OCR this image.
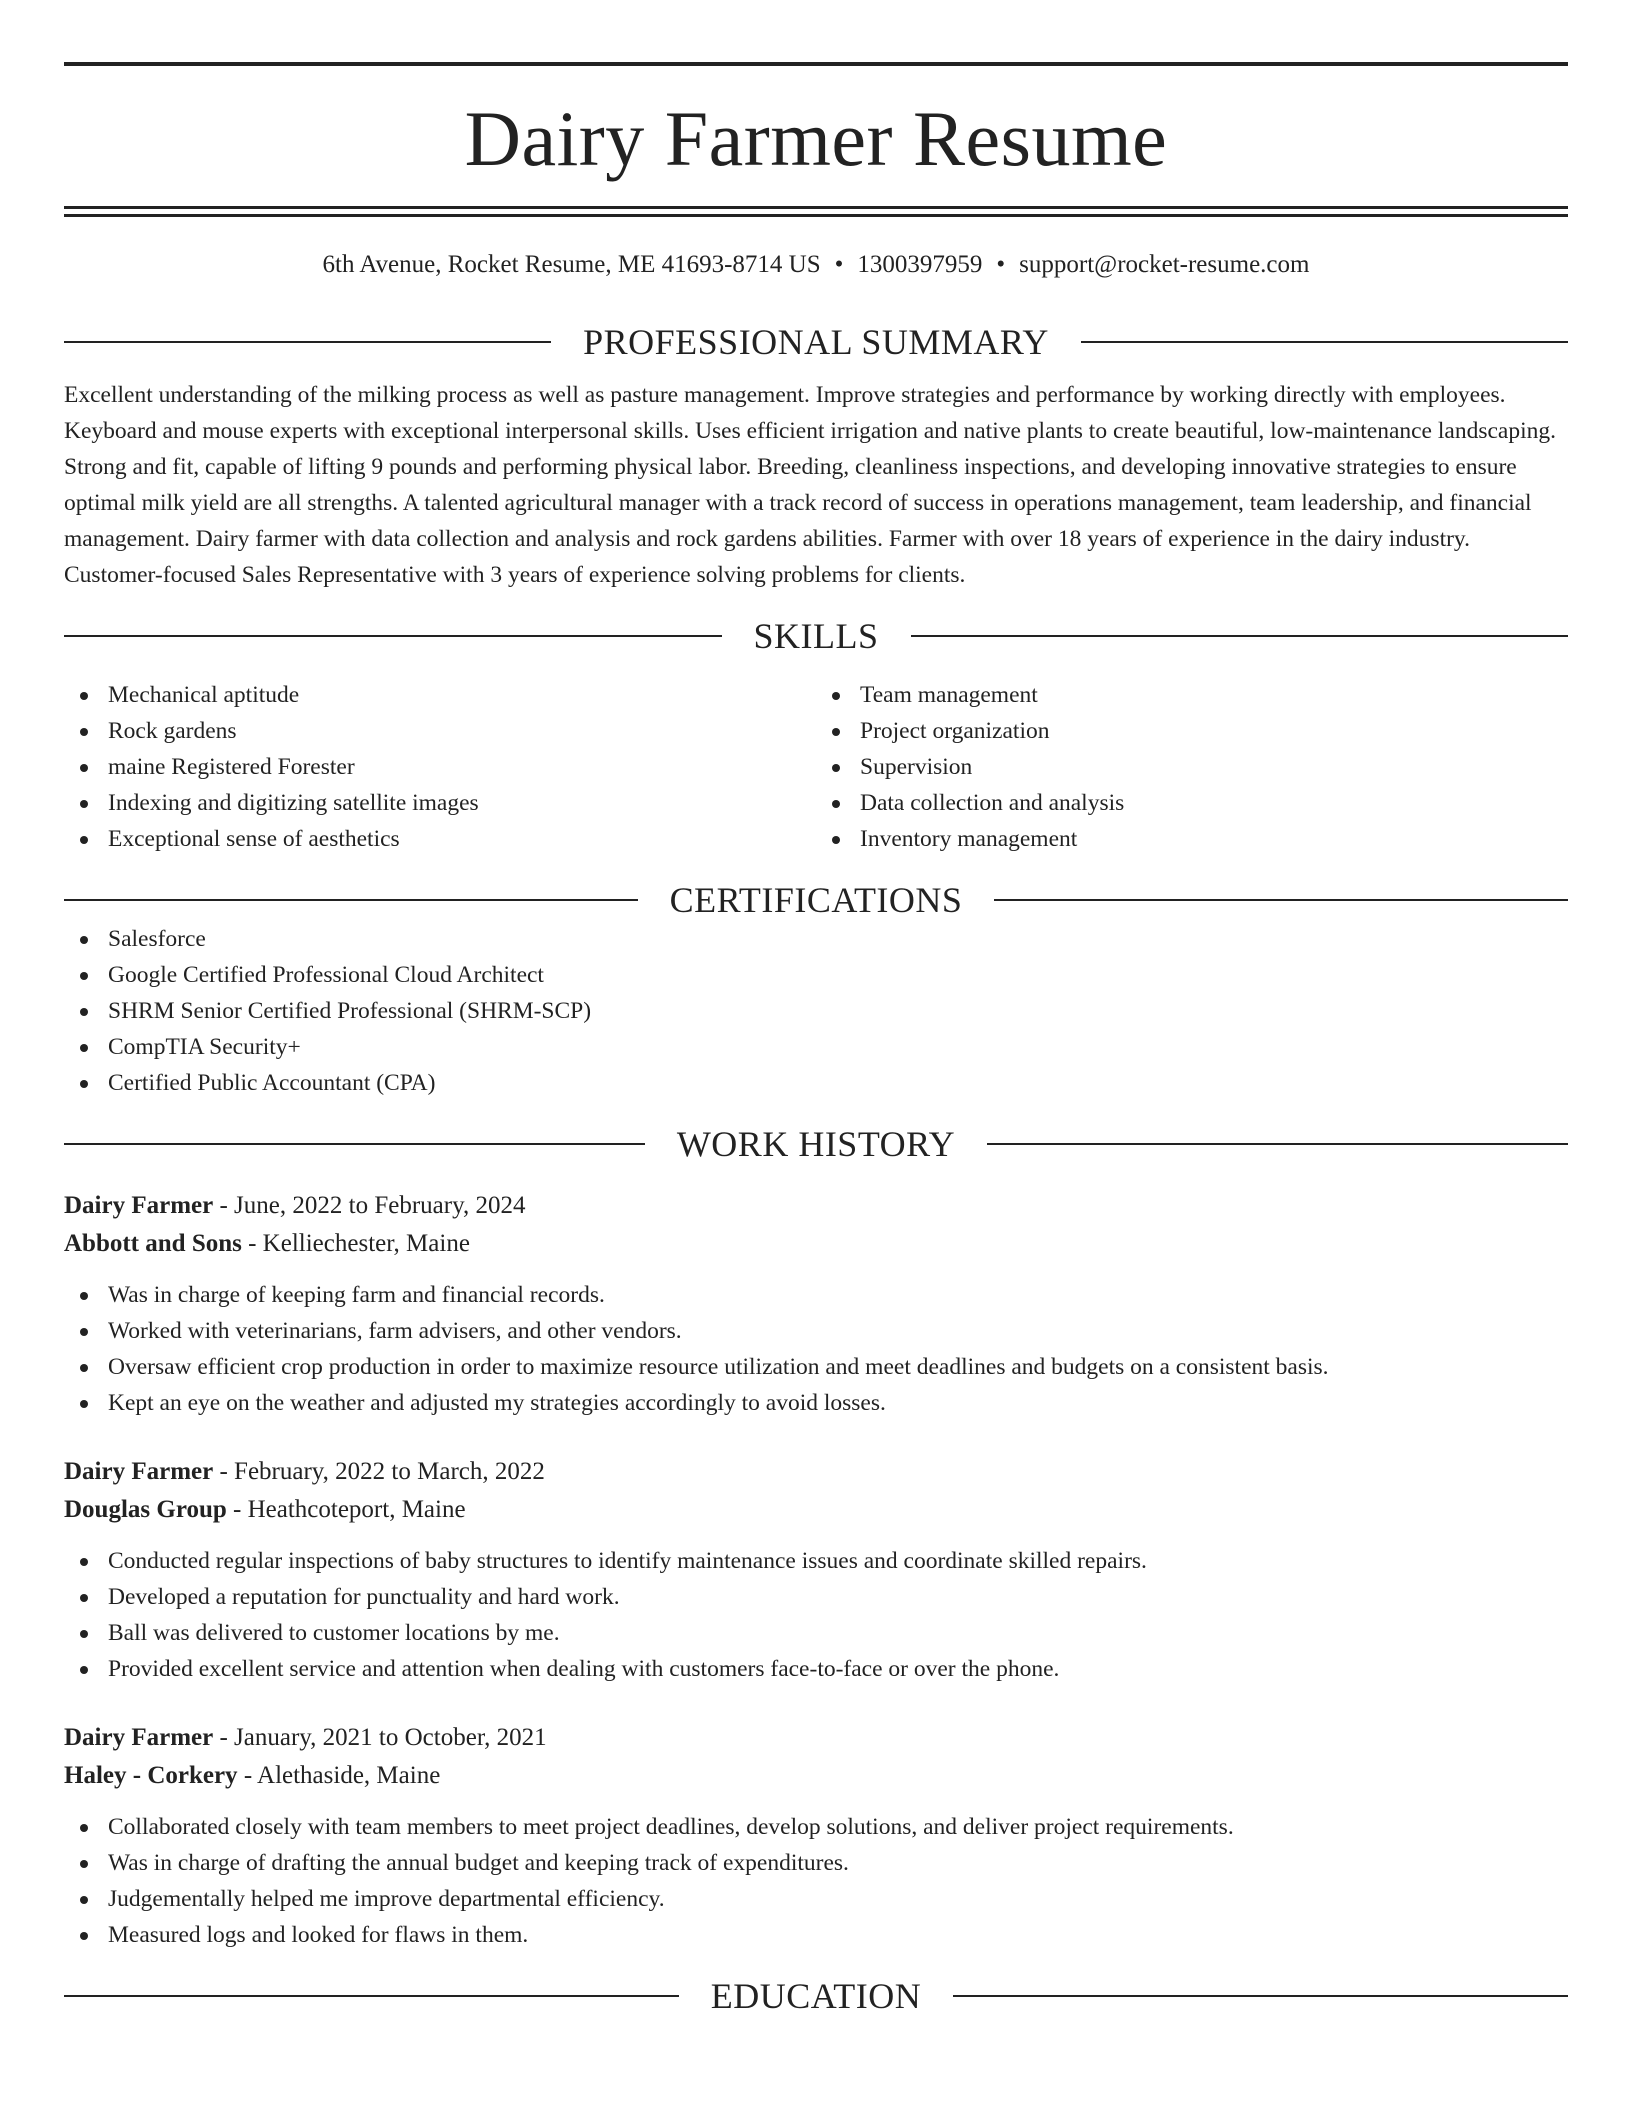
Dairy Farmer Resume
6th Avenue, Rocket Resume, ME 41693-8714 US • 1300397959 • support@rocket-resume.com
PROFESSIONAL SUMMARY

Excellent understanding of the milking process as well as pasture management. Improve strategies and performance by working directly with employees. Keyboard and mouse experts with exceptional interpersonal skills. Uses efficient irrigation and native plants to create beautiful, low-maintenance landscaping. Strong and fit, capable of lifting 9 pounds and performing physical labor. Breeding, cleanliness inspections, and developing innovative strategies to ensure optimal milk yield are all strengths. A talented agricultural manager with a track record of success in operations management, team leadership, and financial management. Dairy farmer with data collection and analysis and rock gardens abilities. Farmer with over 18 years of experience in the dairy industry. Customer-focused Sales Representative with 3 years of experience solving problems for clients.

SKILLS
Mechanical aptitude
Rock gardens
maine Registered Forester
Indexing and digitizing satellite images
Exceptional sense of aesthetics
Team management
Project organization
Supervision
Data collection and analysis
Inventory management
CERTIFICATIONS
Salesforce
Google Certified Professional Cloud Architect
SHRM Senior Certified Professional (SHRM-SCP)
CompTIA Security+
Certified Public Accountant (CPA)
WORK HISTORY
Dairy Farmer - June, 2022 to February, 2024
Abbott and Sons - Kelliechester, Maine
Was in charge of keeping farm and financial records.
Worked with veterinarians, farm advisers, and other vendors.
Oversaw efficient crop production in order to maximize resource utilization and meet deadlines and budgets on a consistent basis.
Kept an eye on the weather and adjusted my strategies accordingly to avoid losses.
Dairy Farmer - February, 2022 to March, 2022
Douglas Group - Heathcoteport, Maine
Conducted regular inspections of baby structures to identify maintenance issues and coordinate skilled repairs.
Developed a reputation for punctuality and hard work.
Ball was delivered to customer locations by me.
Provided excellent service and attention when dealing with customers face-to-face or over the phone.
Dairy Farmer - January, 2021 to October, 2021
Haley - Corkery - Alethaside, Maine
Collaborated closely with team members to meet project deadlines, develop solutions, and deliver project requirements.
Was in charge of drafting the annual budget and keeping track of expenditures.
Judgementally helped me improve departmental efficiency.
Measured logs and looked for flaws in them.
EDUCATION
